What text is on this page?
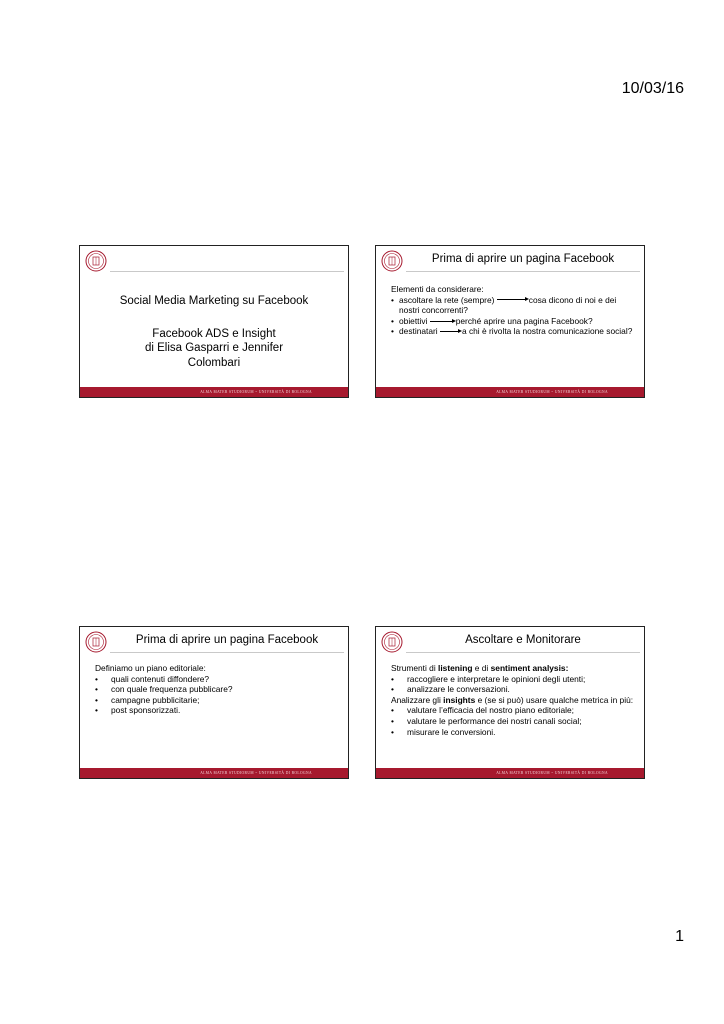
10/03/16
Social Media Marketing su Facebook
Facebook ADS e Insight
di Elisa Gasparri e Jennifer
Colombari
ALMA MATER STUDIORUM ~ UNIVERSITÀ DI BOLOGNA
Prima di aprire un pagina Facebook
Elementi da considerare:
• ascoltare la rete (sempre)	cosa dicono di noi e dei nostri concorrenti?
• obiettivi	perché aprire una pagina Facebook?
• destinatari	a chi è rivolta la nostra comunicazione social?
ALMA MATER STUDIORUM ~ UNIVERSITÀ DI BOLOGNA
Prima di aprire un pagina Facebook
Definiamo un piano editoriale:
• quali contenuti diffondere?
• con quale frequenza pubblicare?
• campagne pubblicitarie;
• post sponsorizzati.
ALMA MATER STUDIORUM ~ UNIVERSITÀ DI BOLOGNA
Ascoltare e Monitorare
Strumenti di listening e di sentiment analysis:
• raccogliere e interpretare le opinioni degli utenti;
• analizzare le conversazioni.
Analizzare gli insights e (se si può) usare qualche metrica in più:
• valutare l’efficacia del nostro piano editoriale;
• valutare le performance dei nostri canali social;
• misurare le conversioni.
ALMA MATER STUDIORUM ~ UNIVERSITÀ DI BOLOGNA
1
